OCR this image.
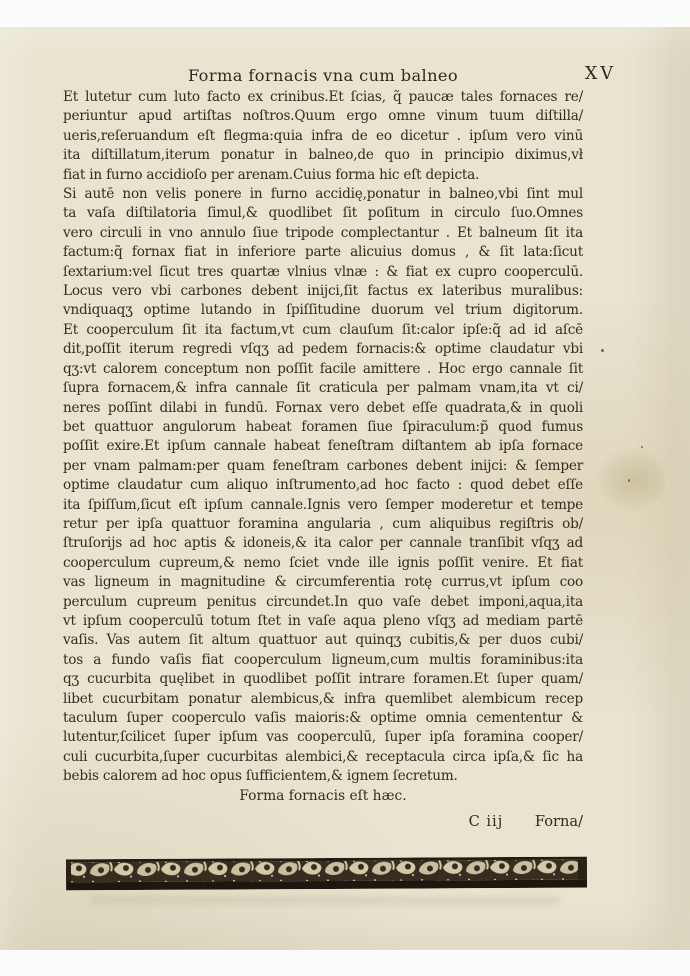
Forma fornacis vna cum balneo	XV
Et lutetur cum luto facto ex crinibus.Et ſcias, q̃ paucæ tales fornaces re/
periuntur apud artiſtas noſtros.Quum ergo omne vinum tuum diſtilla/
ueris,reſeruandum eſt flegma:quia infra de eo dicetur . ipſum vero vinū
ita diſtillatum,iterum ponatur in balneo,de quo in principio diximus,vł
fiat in furno accidioſo per arenam.Cuius forma hic eſt depicta.
Si autē non velis ponere in furno accidię,ponatur in balneo,vbi ſint mul
ta vaſa diſtilatoria ſimul,& quodlibet ſit poſitum in circulo ſuo.Omnes
vero circuli in vno annulo ſiue tripode complectantur . Et balneum ſit ita
factum:q̃ fornax fiat in inferiore parte alicuius domus , & ſit lata:ſicut
ſextarium:vel ſicut tres quartæ vlnius vlnæ : & fiat ex cupro cooperculū.
Locus vero vbi carbones debent inijci,ſit factus ex lateribus muralibus:
vndiquaqʒ optime lutando in ſpiſſitudine duorum vel trium digitorum.
Et cooperculum ſit ita factum,vt cum clauſum ſit:calor ipſe:q̃ ad id aſcē
dit,poſſit iterum regredi vſqʒ ad pedem fornacis:& optime claudatur vbi
qʒ:vt calorem conceptum non poſſit facile amittere . Hoc ergo cannale ſit
ſupra fornacem,& infra cannale ſit craticula per palmam vnam,ita vt ci/
neres poſſint dilabi in fundū. Fornax vero debet eſſe quadrata,& in quoli
bet quattuor angulorum habeat foramen ſiue ſpiraculum:p̃ quod fumus
poſſit exire.Et ipſum cannale habeat feneſtram diſtantem ab ipſa fornace
per vnam palmam:per quam feneſtram carbones debent inijci: & ſemper
optime claudatur cum aliquo inſtrumento,ad hoc facto : quod debet eſſe
ita ſpiſſum,ſicut eſt ipſum cannale.Ignis vero ſemper moderetur et tempe
retur per ipſa quattuor foramina angularia , cum aliquibus regiſtris ob/
ſtruſorijs ad hoc aptis & idoneis,& ita calor per cannale tranſibit vſqʒ ad
cooperculum cupreum,& nemo ſciet vnde ille ignis poſſit venire. Et fiat
vas ligneum in magnitudine & circumferentia rotę currus,vt ipſum coo
perculum cupreum penitus circundet.In quo vaſe debet imponi,aqua,ita
vt ipſum cooperculū totum ſtet in vaſe aqua pleno vſqʒ ad mediam partē
vaſis. Vas autem ſit altum quattuor aut quinqʒ cubitis,& per duos cubi/
tos a fundo vaſis fiat cooperculum ligneum,cum multis foraminibus:ita
qʒ cucurbita quęlibet in quodlibet poſſit intrare foramen.Et ſuper quam/
libet cucurbitam ponatur alembicus,& infra quemlibet alembicum recep
taculum ſuper cooperculo vaſis maioris:& optime omnia cemententur &
lutentur,ſcilicet ſuper ipſum vas cooperculū, ſuper ipſa foramina cooper/
culi cucurbita,ſuper cucurbitas alembici,& receptacula circa ipſa,& ſic ha
bebis calorem ad hoc opus ſufficientem,& ignem ſecretum.
Forma fornacis eſt hæc.
C iij Forna/
